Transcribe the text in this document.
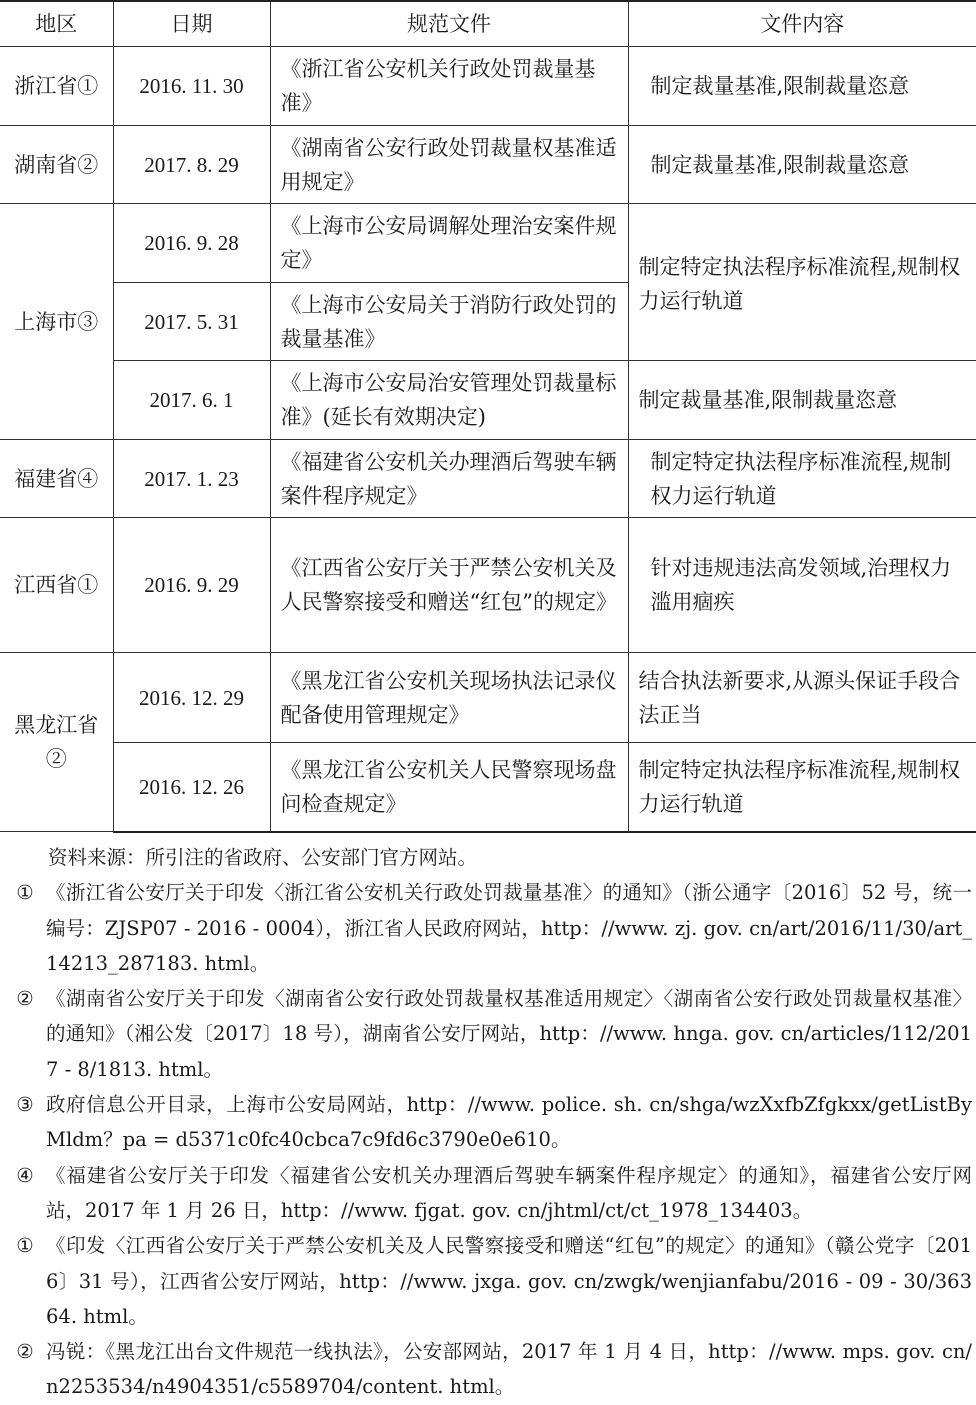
地区	日期	规范文件	文件内容
浙江省①	2016. 11. 30	《浙江省公安机关行政处罚裁量基准》	制定裁量基准,限制裁量恣意
湖南省②	2017. 8. 29	《湖南省公安行政处罚裁量权基准适用规定》	制定裁量基准,限制裁量恣意
上海市③	2016. 9. 28	《上海市公安局调解处理治安案件规定》	制定特定执法程序标准流程,规制权力运行轨道
	2017. 5. 31	《上海市公安局关于消防行政处罚的裁量基准》	
	2017. 6. 1	《上海市公安局治安管理处罚裁量标准》(延长有效期决定)	制定裁量基准,限制裁量恣意
福建省④	2017. 1. 23	《福建省公安机关办理酒后驾驶车辆案件程序规定》	制定特定执法程序标准流程,规制权力运行轨道
江西省①	2016. 9. 29	《江西省公安厅关于严禁公安机关及人民警察接受和赠送“红包”的规定》	针对违规违法高发领域,治理权力滥用痼疾
黑龙江省②	2016. 12. 29	《黑龙江省公安机关现场执法记录仪配备使用管理规定》	结合执法新要求,从源头保证手段合法正当
	2016. 12. 26	《黑龙江省公安机关人民警察现场盘问检查规定》	制定特定执法程序标准流程,规制权力运行轨道
资料来源：所引注的省政府、公安部门官方网站。
① 《浙江省公安厅关于印发〈浙江省公安机关行政处罚裁量基准〉的通知》（浙公通字〔2016〕52 号，统一编号：ZJSP07 - 2016 - 0004），浙江省人民政府网站，http：//www. zj. gov. cn/art/2016/11/30/art_ 14213_287183. html。
② 《湖南省公安厅关于印发〈湖南省公安行政处罚裁量权基准适用规定〉〈湖南省公安行政处罚裁量权基准〉的通知》（湘公发〔2017〕18 号），湖南省公安厅网站，http：//www. hnga. gov. cn/articles/112/2017 - 8/1813. html。
③ 政府信息公开目录，上海市公安局网站，http：//www. police. sh. cn/shga/wzXxfbZfgkxx/getListByMldm？pa = d5371c0fc40cbca7c9fd6c3790e0e610。
④ 《福建省公安厅关于印发〈福建省公安机关办理酒后驾驶车辆案件程序规定〉的通知》，福建省公安厅网站，2017 年 1 月 26 日，http：//www. fjgat. gov. cn/jhtml/ct/ct_1978_134403。
① 《印发〈江西省公安厅关于严禁公安机关及人民警察接受和赠送“红包”的规定〉的通知》（赣公党字〔2016〕31 号），江西省公安厅网站，http：//www. jxga. gov. cn/zwgk/wenjianfabu/2016 - 09 - 30/36364. html。
② 冯锐：《黑龙江出台文件规范一线执法》，公安部网站，2017 年 1 月 4 日，http：//www. mps. gov. cn/n2253534/n4904351/c5589704/content. html。
